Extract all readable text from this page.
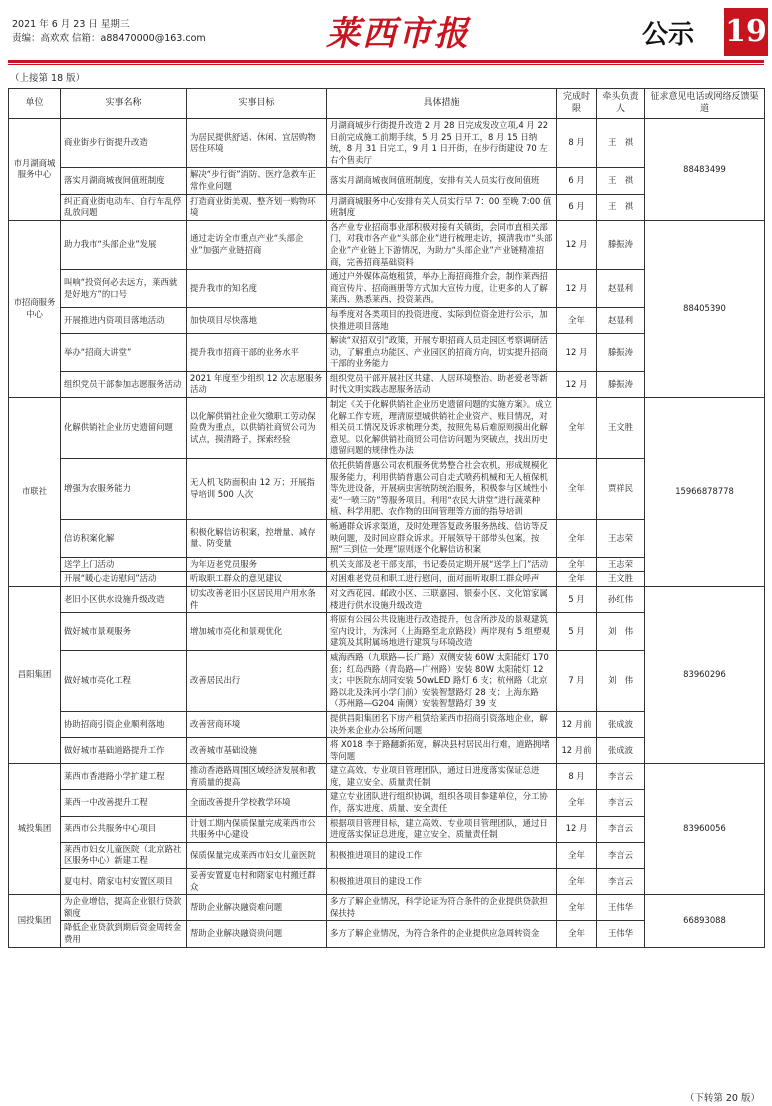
2021 年 6 月 23 日 星期三
责编：高欢欢 信箱：a88470000@163.com	莱西市报	公示 19
（上接第 18 版）
单位	实事名称	实事目标	具体措施	完成时限	牵头负责人	征求意见电话或网络反馈渠道
市月湖商城服务中心	商业街步行街提升改造	为居民提供舒适、休闲、宜居购物居住环境	月湖商城步行街提升改造 2 月 28 日完成发改立项,4 月 22 日前完成施工前期手续，5 月 25 日开工，8 月 15 日纳统，8 月 31 日完工，9 月 1 日开街，在步行街建设 70 左右个售卖厅	8 月	王　祺	88483499
	落实月湖商城夜间值班制度	解决“步行街”消防、医疗急救车正常作业问题	落实月湖商城夜间值班制度，安排有关人员实行夜间值班	6 月	王　祺	
	纠正商业街电动车、自行车乱停乱放问题	打造商业街美观、整齐划一购物环境	月湖商城服务中心安排有关人员实行早 7：00 至晚 7:00 值班制度	6 月	王　祺	
市招商服务中心	助力我市“头部企业”发展	通过走访全市重点产业“头部企业”加强产业链招商	各产业专业招商事业部积极对接有关镇街，会同市直相关部门，对我市各产业“头部企业”进行梳理走访，摸清我市“头部企业”产业链上下游情况，为助力“头部企业”产业链精准招商，完善招商基础资料	12 月	滕振涛	88405390
	叫响“投资何必去远方，莱西就是好地方”的口号	提升我市的知名度	通过户外媒体高炮租赁，举办上海招商推介会，制作莱西招商宣传片、招商画册等方式加大宣传力度，让更多的人了解莱西、熟悉莱西、投资莱西。	12 月	赵显利	
	开展推进内资项目落地活动	加快项目尽快落地	每季度对各类项目的投资进度、实际到位资金进行公示，加快推进项目落地	全年	赵显利	
	举办“招商大讲堂”	提升我市招商干部的业务水平	解读“双招双引”政策，开展专职招商人员走园区考察调研活动，了解重点功能区、产业园区的招商方向，切实提升招商干部的业务能力	12 月	滕振涛	
	组织党员干部参加志愿服务活动	2021 年度至少组织 12 次志愿服务活动	组织党员干部开展社区共建、人居环境整治、助老爱老等新时代文明实践志愿服务活动	12 月	滕振涛	
市联社	化解供销社企业历史遗留问题	以化解供销社企业欠缴职工劳动保险费为重点，以供销社商贸公司为试点，摸清路子，探索经验	制定《关于化解供销社企业历史遗留问题的实施方案》。成立化解工作专班，理清原望城供销社企业资产、账目情况，对相关员工情况及诉求梳理分类，按照先易后难原则摸出化解意见。以化解供销社商贸公司信访问题为突破点，找出历史遗留问题的规律性办法	全年	王文胜	15966878778
	增强为农服务能力	无人机飞防面积由 12 万；开展指导培训 500 人次	依托供销普惠公司农机服务优势整合社会农机，形成规模化服务能力，利用供销普惠公司自走式喷药机械和无人植保机等先进设备，开展病虫害统防统治服务，积极参与区域性小麦“一喷三防”等服务项目。利用“农民大讲堂”进行蔬菜种植、科学用肥、农作物的田间管理等方面的指导培训	全年	贾祥民	
	信访积案化解	积极化解信访积案，控增量、减存量、防变量	畅通群众诉求渠道，及时处理答复政务服务热线、信访等反映问题，及时回应群众诉求。开展领导干部带头包案，按照“三到位一处理”原则逐个化解信访积案	全年	王志荣	
	送学上门活动	为年迈老党员服务	机关支部及老干部支部，书记委员定期开展“送学上门”活动	全年	王志荣	
	开展“暖心走访慰问”活动	听取职工群众的意见建议	对困难老党员和职工进行慰问，面对面听取职工群众呼声	全年	王文胜	
昌阳集团	老旧小区供水设施升级改造	切实改善老旧小区居民用户用水条件	对文西花园、邮政小区、三联嘉园、银泰小区、文化馆家属楼进行供水设施升级改造	5 月	孙红伟	83960296
	做好城市景观服务	增加城市亮化和景观优化	将原有公园公共设施进行改造提升，包含所涉及的景观建筑室内设计，为洙河（上海路至北京路段）两岸现有 5 组塑观建筑及其附属场地进行建筑与环境改造	5 月	刘　伟	
	做好城市亮化工程	改善居民出行	威海西路（九联路—长广路）双侧安装 60W 太阳能灯 170 套；红岛西路（青岛路—广州路）安装 80W 太阳能灯 12 支；中医院东胡同安装 50wLED 路灯 6 支；杭州路（北京路以北及洙河小学门前）安装智慧路灯 28 支；上海东路（苏州路—G204 南侧）安装智慧路灯 39 支	7 月	刘　伟	
	协助招商引资企业顺利落地	改善营商环境	提供昌阳集团名下房产租赁给莱西市招商引资落地企业，解决外来企业办公场所问题	12 月前	张成波	
	做好城市基础道路提升工作	改善城市基础设施	将 X018 李于路翻新拓宽，解决县村居民出行难，道路拥堵等问题	12 月前	张成波	
城投集团	莱西市香港路小学扩建工程	推动香港路周围区域经济发展和教育质量的提高	建立高效、专业项目管理团队，通过日进度落实保证总进度，建立安全、质量责任制	8 月	李言云	83960056
	莱西一中改善提升工程	全面改善提升学校教学环境	建立专业团队进行组织协调，组织各项目参建单位，分工协作，落实进度、质量、安全责任	全年	李言云	
	莱西市公共服务中心项目	计划工期内保质保量完成莱西市公共服务中心建设	根据项目管理目标，建立高效、专业项目管理团队，通过日进度落实保证总进度，建立安全、质量责任制	12 月	李言云	
	莱西市妇女儿童医院（北京路社区服务中心）新建工程	保质保量完成莱西市妇女儿童医院	积极推进项目的建设工作	全年	李言云	
	夏屯村、隋家屯村安置区项目	妥善安置夏屯村和隋家屯村搬迁群众	积极推进项目的建设工作	全年	李言云	
国投集团	为企业增信，提高企业银行贷款额度	帮助企业解决融资难问题	多方了解企业情况，科学论证为符合条件的企业提供贷款担保扶持	全年	王伟华	66893088
	降低企业贷款到期后资金周转金费用	帮助企业解决融资贵问题	多方了解企业情况，为符合条件的企业提供应急周转资金	全年	王伟华	
（下转第 20 版）
